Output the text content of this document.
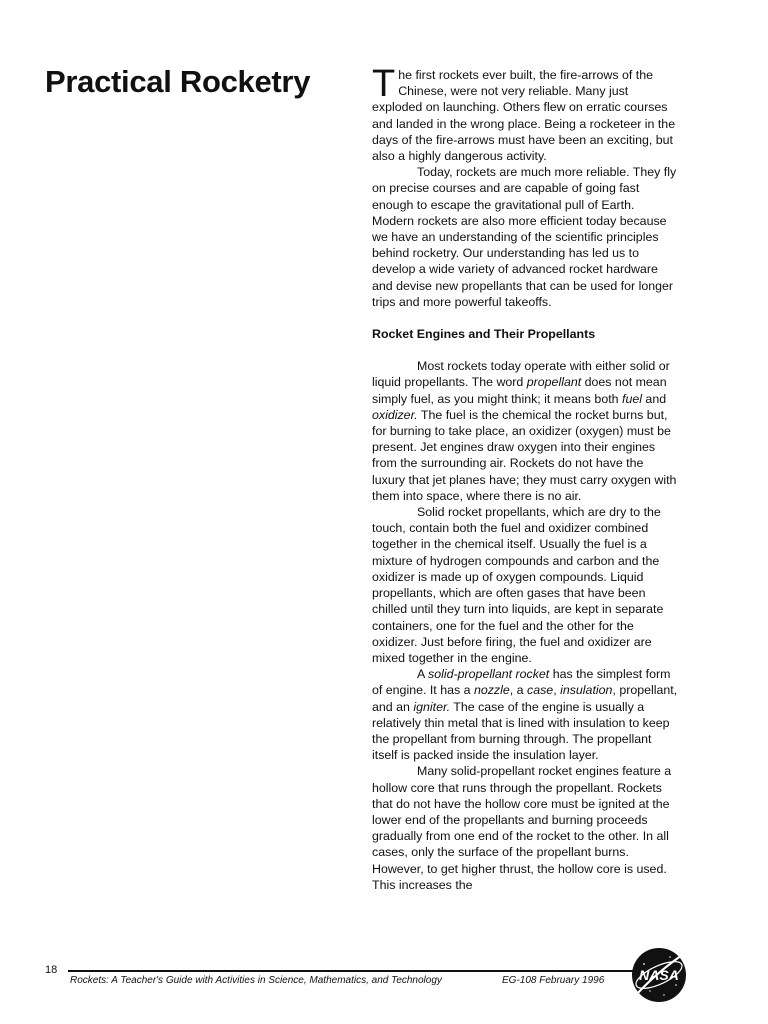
Practical Rocketry The first rockets ever built, the fire-arrows of the Chinese, were not very reliable. Many just exploded on launching. Others flew on erratic courses and landed in the wrong place. Being a rocketeer in the days of the fire-arrows must have been an exciting, but also a highly dangerous activity.

Today, rockets are much more reliable. They fly on precise courses and are capable of going fast enough to escape the gravitational pull of Earth. Modern rockets are also more efficient today because we have an understanding of the scientific principles behind rocketry. Our understanding has led us to develop a wide variety of advanced rocket hardware and devise new propellants that can be used for longer trips and more powerful takeoffs.

Rocket Engines and Their Propellants

Most rockets today operate with either solid or liquid propellants. The word propellant does not mean simply fuel, as you might think; it means both fuel and oxidizer. The fuel is the chemical the rocket burns but, for burning to take place, an oxidizer (oxygen) must be present. Jet engines draw oxygen into their engines from the surrounding air. Rockets do not have the luxury that jet planes have; they must carry oxygen with them into space, where there is no air.

Solid rocket propellants, which are dry to the touch, contain both the fuel and oxidizer combined together in the chemical itself. Usually the fuel is a mixture of hydrogen compounds and carbon and the oxidizer is made up of oxygen compounds. Liquid propellants, which are often gases that have been chilled until they turn into liquids, are kept in separate containers, one for the fuel and the other for the oxidizer. Just before firing, the fuel and oxidizer are mixed together in the engine.

A solid-propellant rocket has the simplest form of engine. It has a nozzle, a case, insulation, propellant, and an igniter. The case of the engine is usually a relatively thin metal that is lined with insulation to keep the propellant from burning through. The propellant itself is packed inside the insulation layer.

Many solid-propellant rocket engines feature a hollow core that runs through the propellant. Rockets that do not have the hollow core must be ignited at the lower end of the propellants and burning proceeds gradually from one end of the rocket to the other. In all cases, only the surface of the propellant burns. However, to get higher thrust, the hollow core is used. This increases the

18
Rockets: A Teacher's Guide with Activities in Science, Mathematics, and Technology	EG-108 February 1996 NASA
